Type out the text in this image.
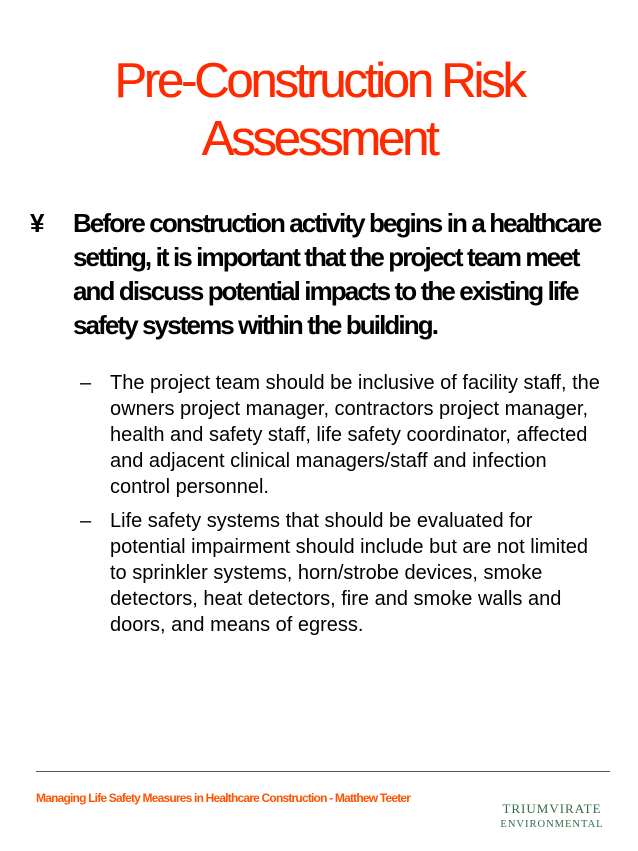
Pre-Construction Risk
Assessment
¥ Before construction activity begins in a healthcare setting, it is important that the project team meet and discuss potential impacts to the existing life safety systems within the building.

– The project team should be inclusive of facility staff, the owners project manager, contractors project manager, health and safety staff, life safety coordinator, affected and adjacent clinical managers/staff and infection control personnel.

– Life safety systems that should be evaluated for potential impairment should include but are not limited to sprinkler systems, horn/strobe devices, smoke detectors, heat detectors, fire and smoke walls and doors, and means of egress.

Managing Life Safety Measures in Healthcare Construction - Matthew Teeter
TRIUMVIRATE
ENVIRONMENTAL
